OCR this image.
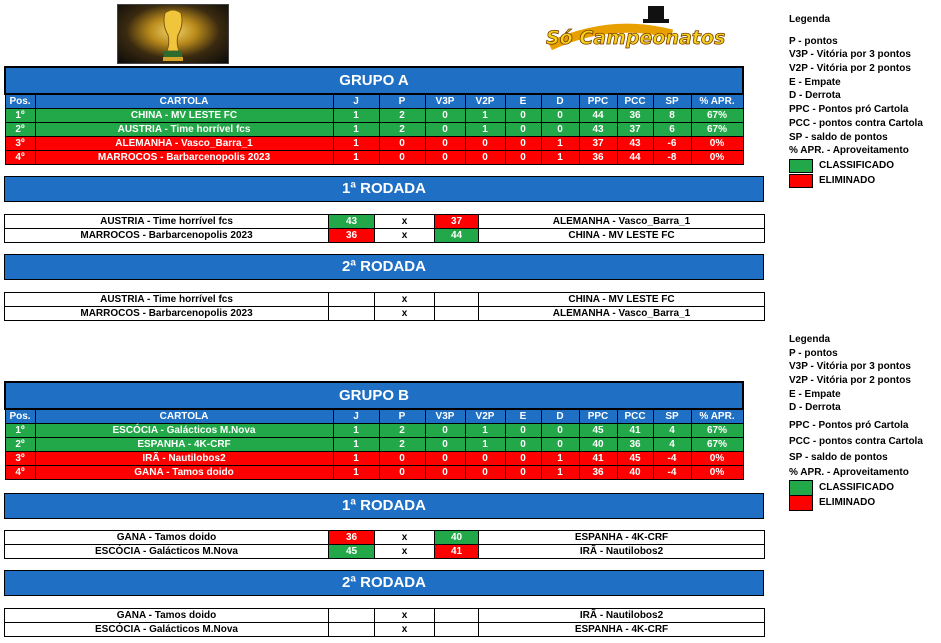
Só Campeonatos
Legenda
P - pontos
V3P - Vitória por 3 pontos
V2P - Vitória por 2 pontos
E - Empate
D - Derrota
PPC - Pontos pró Cartola
PCC - pontos contra Cartola
SP - saldo de pontos
% APR. - Aproveitamento
CLASSIFICADO
ELIMINADO
Legenda
P - pontos
V3P - Vitória por 3 pontos
V2P - Vitória por 2 pontos
E - Empate
D - Derrota
PPC - Pontos pró Cartola
PCC - pontos contra Cartola
SP - saldo de pontos
% APR. - Aproveitamento
CLASSIFICADO
ELIMINADO
GRUPO A											
Pos.	CARTOLA	J	P	V3P	V2P	E	D	PPC	PCC	SP	% APR.
1º	CHINA - MV LESTE FC	1	2	0	1	0	0	44	36	8	67%
2º	AUSTRIA - Time horrível fcs	1	2	0	1	0	0	43	37	6	67%
3º	ALEMANHA - Vasco_Barra_1	1	0	0	0	0	1	37	43	-6	0%
4º	MARROCOS - Barbarcenopolis 2023	1	0	0	0	0	1	36	44	-8	0%
1ª RODADA
AUSTRIA - Time horrível fcs	43	x	37	ALEMANHA - Vasco_Barra_1
MARROCOS - Barbarcenopolis 2023	36	x	44	CHINA - MV LESTE FC
2ª RODADA
AUSTRIA - Time horrível fcs		x		CHINA - MV LESTE FC
MARROCOS - Barbarcenopolis 2023		x		ALEMANHA - Vasco_Barra_1
GRUPO B											
Pos.	CARTOLA	J	P	V3P	V2P	E	D	PPC	PCC	SP	% APR.
1º	ESCÓCIA - Galácticos M.Nova	1	2	0	1	0	0	45	41	4	67%
2º	ESPANHA - 4K-CRF	1	2	0	1	0	0	40	36	4	67%
3º	IRÃ - Nautilobos2	1	0	0	0	0	1	41	45	-4	0%
4º	GANA - Tamos doido	1	0	0	0	0	1	36	40	-4	0%
1ª RODADA
GANA - Tamos doido	36	x	40	ESPANHA - 4K-CRF
ESCÓCIA - Galácticos M.Nova	45	x	41	IRÃ - Nautilobos2
2ª RODADA
GANA - Tamos doido		x		IRÃ - Nautilobos2
ESCÓCIA - Galácticos M.Nova		x		ESPANHA - 4K-CRF
